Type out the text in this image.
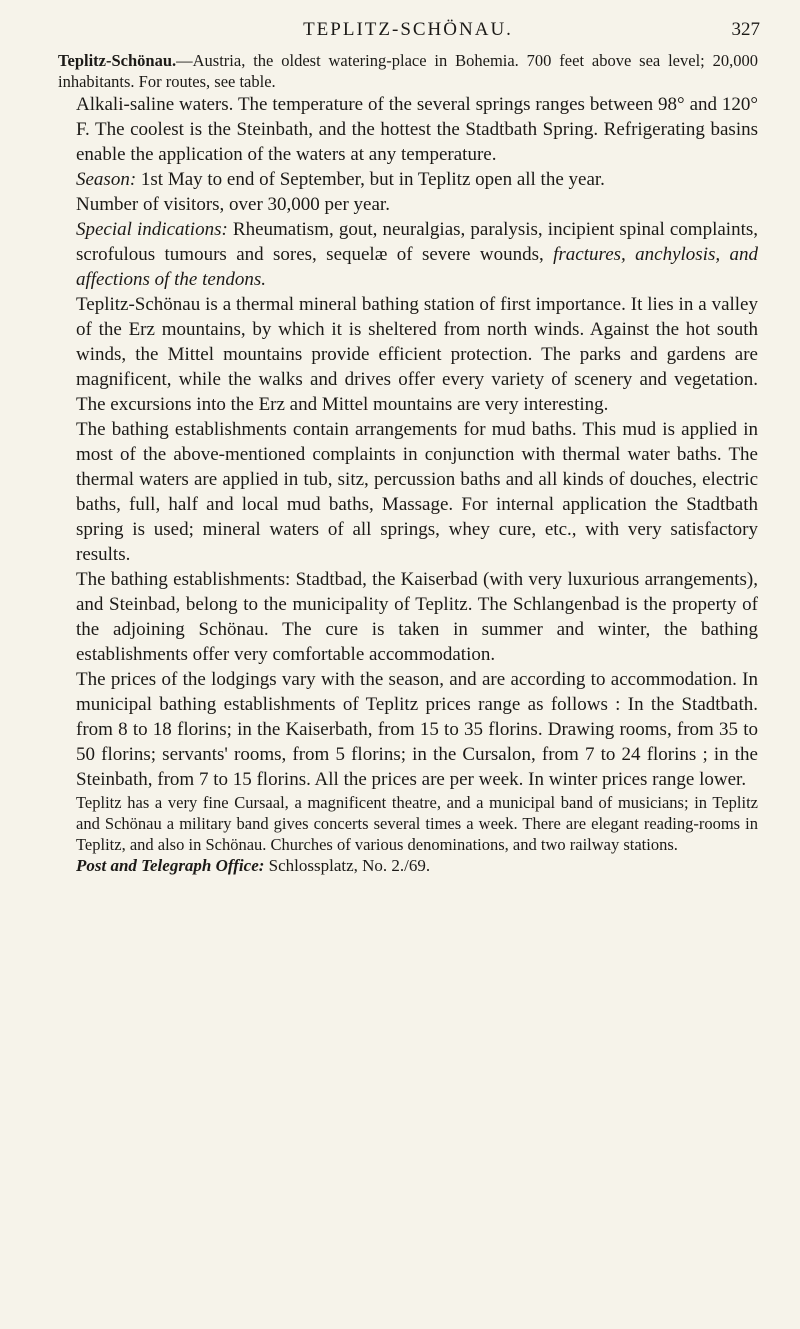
TEPLITZ-SCHÖNAU.	327

Teplitz-Schönau.—Austria, the oldest watering-place in Bohemia. 700 feet above sea level; 20,000 inhabitants. For routes, see table.

Alkali-saline waters. The temperature of the several springs ranges between 98° and 120° F. The coolest is the Steinbath, and the hottest the Stadtbath Spring. Refrigerating basins enable the application of the waters at any temperature.

Season: 1st May to end of September, but in Teplitz open all the year.

Number of visitors, over 30,000 per year.

Special indications: Rheumatism, gout, neuralgias, paralysis, incipient spinal complaints, scrofulous tumours and sores, sequelæ of severe wounds, fractures, anchylosis, and affections of the tendons.

Teplitz-Schönau is a thermal mineral bathing station of first importance. It lies in a valley of the Erz mountains, by which it is sheltered from north winds. Against the hot south winds, the Mittel mountains provide efficient protection. The parks and gardens are magnificent, while the walks and drives offer every variety of scenery and vegetation. The excursions into the Erz and Mittel mountains are very interesting.

The bathing establishments contain arrangements for mud baths. This mud is applied in most of the above-mentioned complaints in conjunction with thermal water baths. The thermal waters are applied in tub, sitz, percussion baths and all kinds of douches, electric baths, full, half and local mud baths, Massage. For internal application the Stadtbath spring is used; mineral waters of all springs, whey cure, etc., with very satisfactory results.

The bathing establishments: Stadtbad, the Kaiserbad (with very luxurious arrangements), and Steinbad, belong to the municipality of Teplitz. The Schlangenbad is the property of the adjoining Schönau. The cure is taken in summer and winter, the bathing establishments offer very comfortable accommodation.

The prices of the lodgings vary with the season, and are according to accommodation. In municipal bathing establishments of Teplitz prices range as follows : In the Stadtbath. from 8 to 18 florins; in the Kaiserbath, from 15 to 35 florins. Drawing rooms, from 35 to 50 florins; servants' rooms, from 5 florins; in the Cursalon, from 7 to 24 florins ; in the Steinbath, from 7 to 15 florins. All the prices are per week. In winter prices range lower.

Teplitz has a very fine Cursaal, a magnificent theatre, and a municipal band of musicians; in Teplitz and Schönau a military band gives concerts several times a week. There are elegant reading-rooms in Teplitz, and also in Schönau. Churches of various denominations, and two railway stations.

Post and Telegraph Office: Schlossplatz, No. 2./69.
